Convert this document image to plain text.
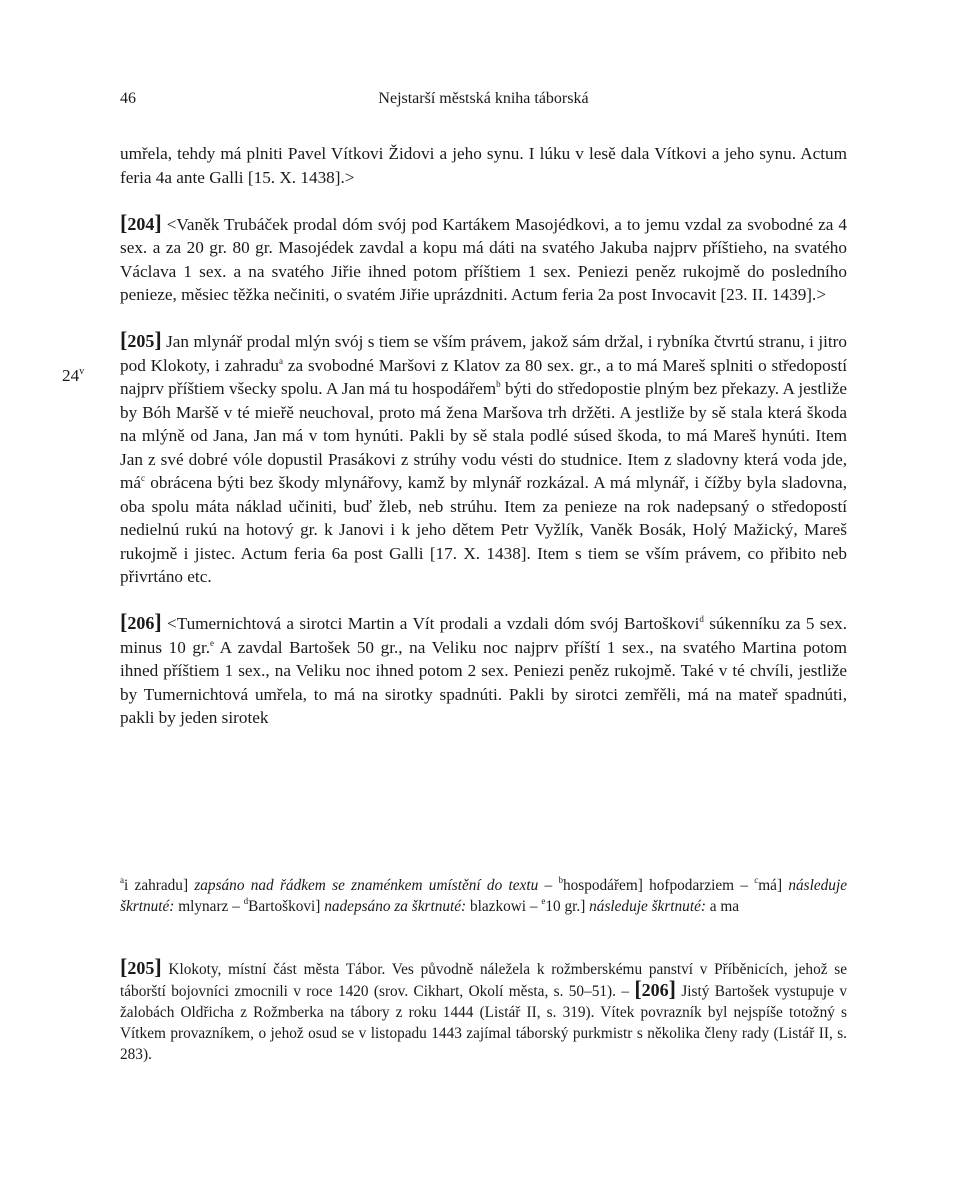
46	Nejstarší městská kniha táborská
24$^v$

umřela, tehdy má plniti Pavel Vítkovi Židovi a jeho synu. I lúku v lesě dala Vítkovi a jeho synu. Actum feria 4a ante Galli [15. X. 1438].>

[204] <Vaněk Trubáček prodal dóm svój pod Kartákem Masojédkovi, a to jemu vzdal za svobodné za 4 sex. a za 20 gr. 80 gr. Masojédek zavdal a kopu má dáti na svatého Jakuba najprv příštieho, na svatého Václava 1 sex. a na svatého Jiřie ihned potom příštiem 1 sex. Peniezi peněz rukojmě do posledního penieze, měsiec těžka nečiniti, o svatém Jiřie uprázdniti. Actum feria 2a post Invocavit [23. II. 1439].>

[205] Jan mlynář prodal mlýn svój s tiem se vším právem, jakož sám držal, i rybníka čtvrtú stranu, i jitro pod Klokoty, i zahradu$^a$ za svobodné Maršovi z Klatov za 80 sex. gr., a to má Mareš splniti o středopostí najprv příštiem všecky spolu. A Jan má tu hospodářem$^b$ býti do středopostie plným bez překazy. A jestliže by Bóh Maršě v té mieřě neuchoval, proto má žena Maršova trh držěti. A jestliže by sě stala která škoda na mlýně od Jana, Jan má v tom hynúti. Pakli by sě stala podlé súsed škoda, to má Mareš hynúti. Item Jan z své dobré vóle dopustil Prasákovi z strúhy vodu vésti do studnice. Item z sladovny která voda jde, $má^c$ obrácena býti bez škody mlynářovy, kamž by mlynář rozkázal. A má mlynář, i čížby byla sladovna, oba spolu máta náklad učiniti, buď žleb, neb strúhu. Item za penieze na rok nadepsaný o středopostí nedielnú rukú na hotový gr. k Janovi i k jeho dětem Petr Vyžlík, Vaněk Bosák, Holý Mažický, Mareš rukojmě i jistec. Actum feria 6a post Galli [17. X. 1438]. Item s tiem se vším právem, co přibito neb přivrtáno etc.

[206] <Tumernichtová a sirotci Martin a Vít prodali a vzdali dóm svój Bartoškovi$^d$ súkenníku za 5 sex. minus 10 gr.$^e$ A zavdal Bartošek 50 gr., na Veliku noc najprv příští 1 sex., na svatého Martina potom ihned příštiem 1 sex., na Veliku noc ihned potom 2 sex. Peniezi peněz rukojmě. Také v té chvíli, jestliže by Tumernichtová umřela, to má na sirotky spadnúti. Pakli by sirotci zemřěli, má na mateř spadnúti, pakli by jeden sirotek

$^a$i zahradu] zapsáno nad řádkem se znaménkem umístění do textu – $^b$hospodářem] hofpodarziem – $^c$má] následuje škrtnuté: mlynarz – $^d$Bartoškovi] nadepsáno za škrtnuté: blazkowi – $^e$10 gr.] následuje škrtnuté: a ma

[205] Klokoty, místní část města Tábor. Ves původně náležela k rožmberskému panství v Příběnicích, jehož se táborští bojovníci zmocnili v roce 1420 (srov. Cikhart, Okolí města, s. 50–51). – [206] Jistý Bartošek vystupuje v žalobách Oldřicha z Rožmberka na tábory z roku 1444 (Listář II, s. 319). Vítek povrazník byl nejspíše totožný s Vítkem provazníkem, o jehož osud se v listopadu 1443 zajímal táborský purkmistr s několika členy rady (Listář II, s. 283).
